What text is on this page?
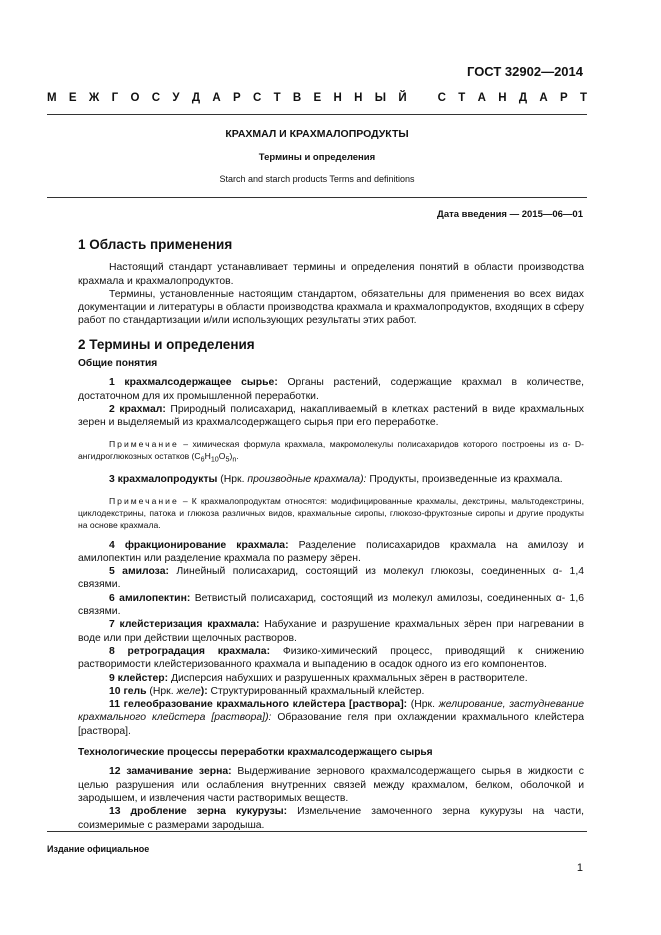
ГОСТ 32902—2014
М Е Ж Г О С У Д А Р С Т В Е Н Н Ы Й
	С Т А Н Д А Р Т
КРАХМАЛ И КРАХМАЛОПРОДУКТЫ
Термины и определения
Starch and starch products Terms and definitions
Дата введения — 2015—06—01
1 Область применения

Настоящий стандарт устанавливает термины и определения понятий в области производства крахмала и крахмалопродуктов.

Термины, установленные настоящим стандартом, обязательны для применения во всех видах документации и литературы в области производства крахмала и крахмалопродуктов, входящих в сферу работ по стандартизации и/или использующих результаты этих работ.

2 Термины и определения
Общие понятия

1 крахмалсодержащее сырье: Органы растений, содержащие крахмал в количестве, достаточном для их промышленной переработки.

2 крахмал: Природный полисахарид, накапливаемый в клетках растений в виде крахмальных зерен и выделяемый из крахмалсодержащего сырья при его переработке.

Примечание – химическая формула крахмала, макромолекулы полисахаридов которого построены из α- D- ангидроглюкозных остатков $(C_6H_{10}O_5)_n$.

3 крахмалопродукты (Нрк. производные крахмала): Продукты, произведенные из крахмала.

Примечание – К крахмалопродуктам относятся: модифицированные крахмалы, декстрины, мальтодекстрины, циклодекстрины, патока и глюкоза различных видов, крахмальные сиропы, глюкозо-фруктозные сиропы и другие продукты на основе крахмала.

4 фракционирование крахмала: Разделение полисахаридов крахмала на амилозу и амилопектин или разделение крахмала по размеру зёрен.

5 амилоза: Линейный полисахарид, состоящий из молекул глюкозы, соединенных α- 1,4 связями.

6 амилопектин: Ветвистый полисахарид, состоящий из молекул амилозы, соединенных α- 1,6 связями.

7 клейстеризация крахмала: Набухание и разрушение крахмальных зёрен при нагревании в воде или при действии щелочных растворов.

8 ретроградация крахмала: Физико-химический процесс, приводящий к снижению растворимости клейстеризованного крахмала и выпадению в осадок одного из его компонентов.

9 клейстер: Дисперсия набухших и разрушенных крахмальных зёрен в растворителе.

10 гель (Нрк. желе): Структурированный крахмальный клейстер.

11 гелеобразование крахмального клейстера [раствора]: (Нрк. желирование, застудневание крахмального клейстера [раствора]): Образование геля при охлаждении крахмального клейстера [раствора].

Технологические процессы переработки крахмалсодержащего сырья

12 замачивание зерна: Выдерживание зернового крахмалсодержащего сырья в жидкости с целью разрушения или ослабления внутренних связей между крахмалом, белком, оболочкой и зародышем, и извлечения части растворимых веществ.

13 дробление зерна кукурузы: Измельчение замоченного зерна кукурузы на части, соизмеримые с размерами зародыша.

Издание официальное
1
